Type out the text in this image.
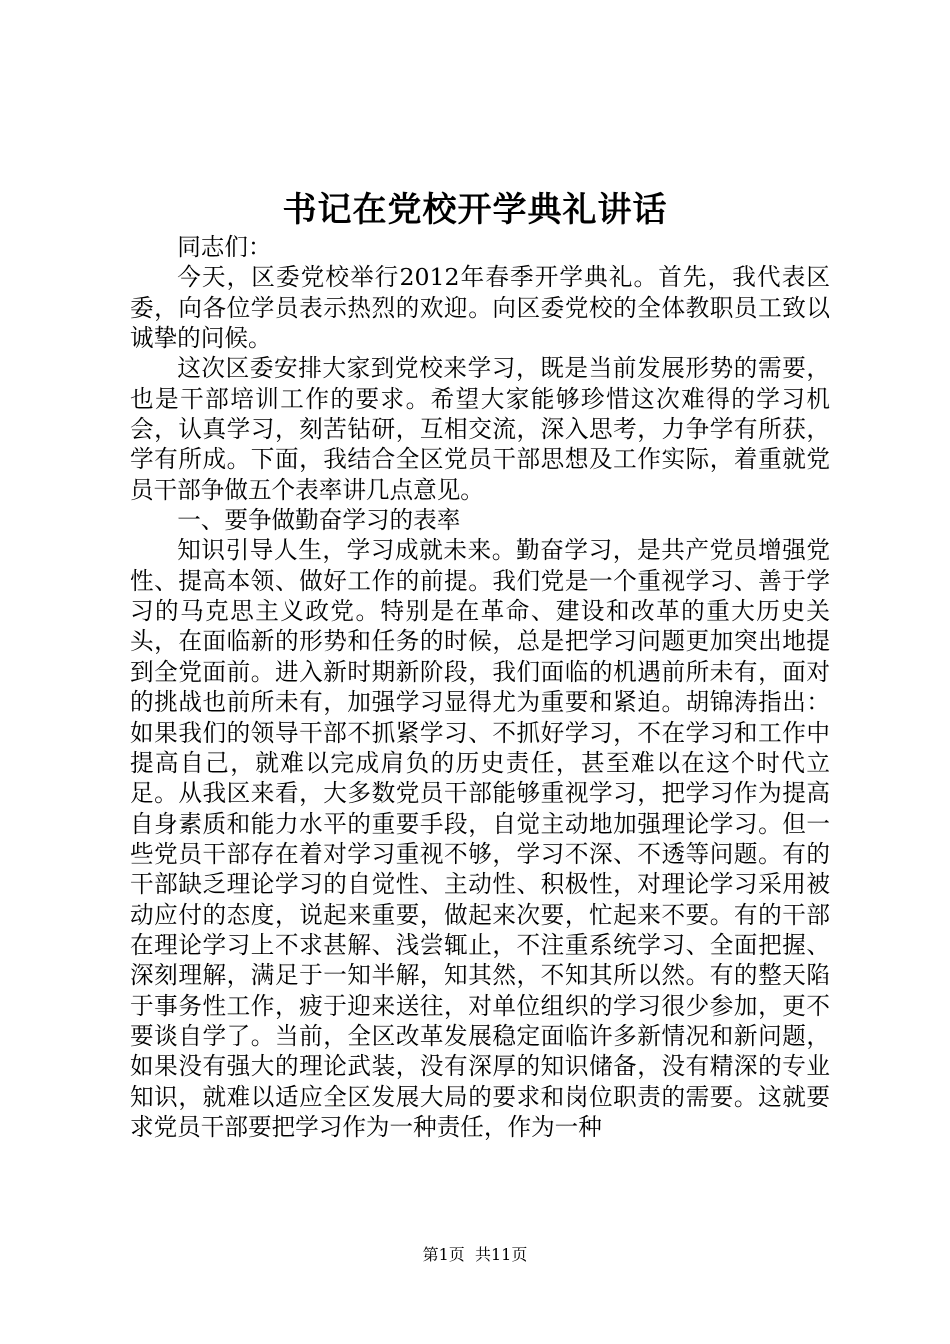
书记在党校开学典礼讲话

同志们：

今天，区委党校举行2012年春季开学典礼。首先，我代表区委，向各位学员表示热烈的欢迎。向区委党校的全体教职员工致以诚挚的问候。

这次区委安排大家到党校来学习，既是当前发展形势的需要，也是干部培训工作的要求。希望大家能够珍惜这次难得的学习机会，认真学习，刻苦钻研，互相交流，深入思考，力争学有所获，学有所成。下面，我结合全区党员干部思想及工作实际，着重就党员干部争做五个表率讲几点意见。

一、要争做勤奋学习的表率

知识引导人生，学习成就未来。勤奋学习，是共产党员增强党性、提高本领、做好工作的前提。我们党是一个重视学习、善于学习的马克思主义政党。特别是在革命、建设和改革的重大历史关头，在面临新的形势和任务的时候，总是把学习问题更加突出地提到全党面前。进入新时期新阶段，我们面临的机遇前所未有，面对的挑战也前所未有，加强学习显得尤为重要和紧迫。胡锦涛指出：如果我们的领导干部不抓紧学习、不抓好学习，不在学习和工作中提高自己，就难以完成肩负的历史责任，甚至难以在这个时代立足。从我区来看，大多数党员干部能够重视学习，把学习作为提高自身素质和能力水平的重要手段，自觉主动地加强理论学习。但一些党员干部存在着对学习重视不够，学习不深、不透等问题。有的干部缺乏理论学习的自觉性、主动性、积极性，对理论学习采用被动应付的态度，说起来重要，做起来次要，忙起来不要。有的干部在理论学习上不求甚解、浅尝辄止，不注重系统学习、全面把握、深刻理解，满足于一知半解，知其然，不知其所以然。有的整天陷于事务性工作，疲于迎来送往，对单位组织的学习很少参加，更不要谈自学了。当前，全区改革发展稳定面临许多新情况和新问题，如果没有强大的理论武装，没有深厚的知识储备，没有精深的专业知识，就难以适应全区发展大局的要求和岗位职责的需要。这就要求党员干部要把学习作为一种责任，作为一种

第1页 共11页
